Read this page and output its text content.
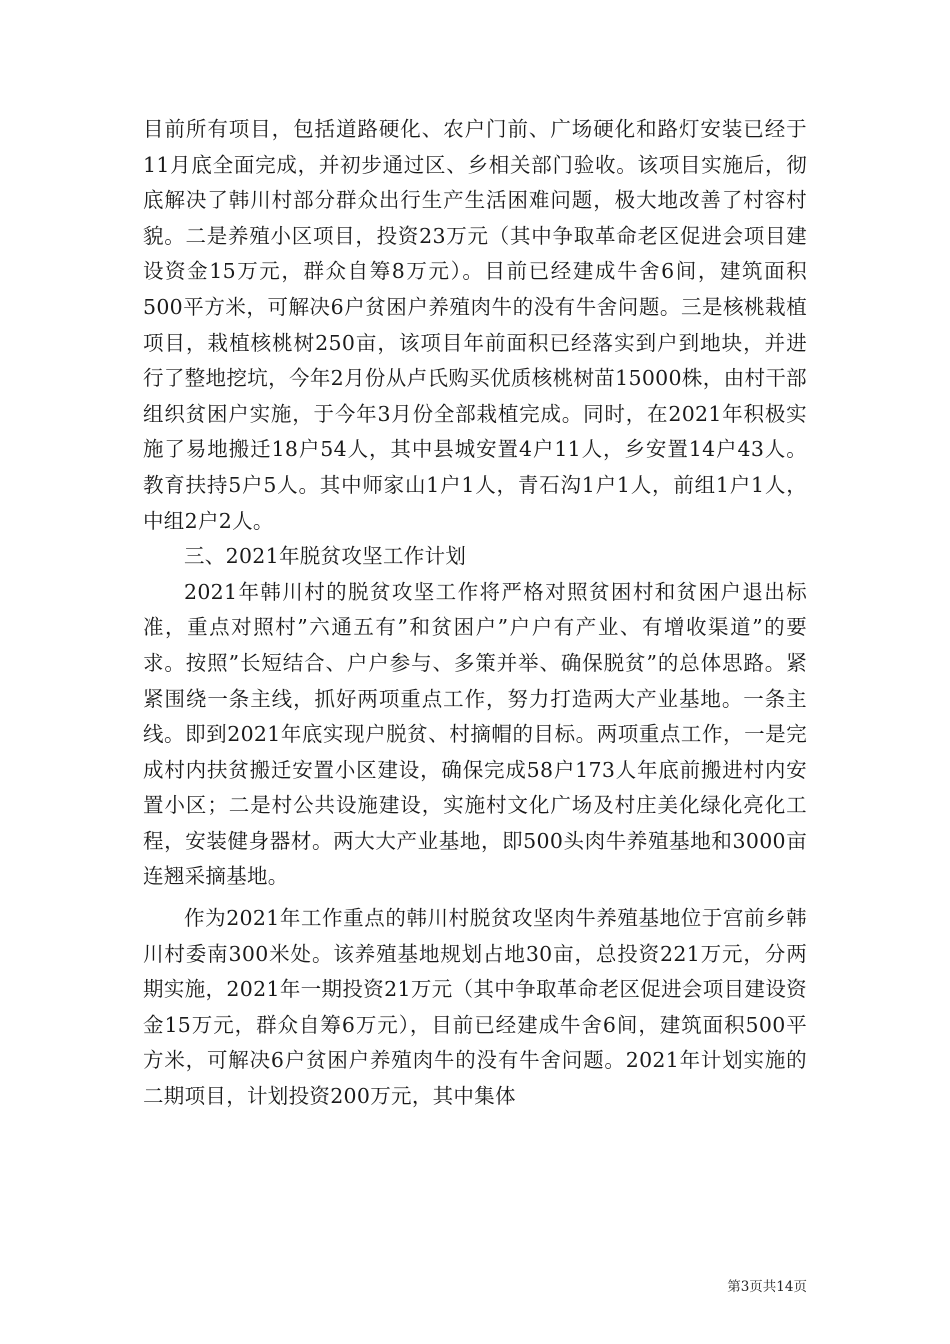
目前所有项目，包括道路硬化、农户门前、广场硬化和路灯安装已经于11月底全面完成，并初步通过区、乡相关部门验收。该项目实施后，彻底解决了韩川村部分群众出行生产生活困难问题，极大地改善了村容村貌。二是养殖小区项目，投资23万元（其中争取革命老区促进会项目建设资金15万元，群众自筹8万元）。目前已经建成牛舍6间，建筑面积500平方米，可解决6户贫困户养殖肉牛的没有牛舍问题。三是核桃栽植项目，栽植核桃树250亩，该项目年前面积已经落实到户到地块，并进行了整地挖坑，今年2月份从卢氏购买优质核桃树苗15000株，由村干部组织贫困户实施，于今年3月份全部栽植完成。同时，在2021年积极实施了易地搬迁18户54人，其中县城安置4户11人，乡安置14户43人。教育扶持5户5人。其中师家山1户1人，青石沟1户1人，前组1户1人，中组2户2人。

三、2021年脱贫攻坚工作计划

2021年韩川村的脱贫攻坚工作将严格对照贫困村和贫困户退出标准，重点对照村”六通五有”和贫困户”户户有产业、有增收渠道”的要求。按照”长短结合、户户参与、多策并举、确保脱贫”的总体思路。紧紧围绕一条主线，抓好两项重点工作，努力打造两大产业基地。一条主线。即到2021年底实现户脱贫、村摘帽的目标。两项重点工作，一是完成村内扶贫搬迁安置小区建设，确保完成58户173人年底前搬进村内安置小区；二是村公共设施建设，实施村文化广场及村庄美化绿化亮化工程，安装健身器材。两大大产业基地，即500头肉牛养殖基地和3000亩连翘采摘基地。

作为2021年工作重点的韩川村脱贫攻坚肉牛养殖基地位于宫前乡韩川村委南300米处。该养殖基地规划占地30亩，总投资221万元，分两期实施，2021年一期投资21万元（其中争取革命老区促进会项目建设资金15万元，群众自筹6万元），目前已经建成牛舍6间，建筑面积500平方米，可解决6户贫困户养殖肉牛的没有牛舍问题。2021年计划实施的二期项目，计划投资200万元，其中集体

第3页共14页
